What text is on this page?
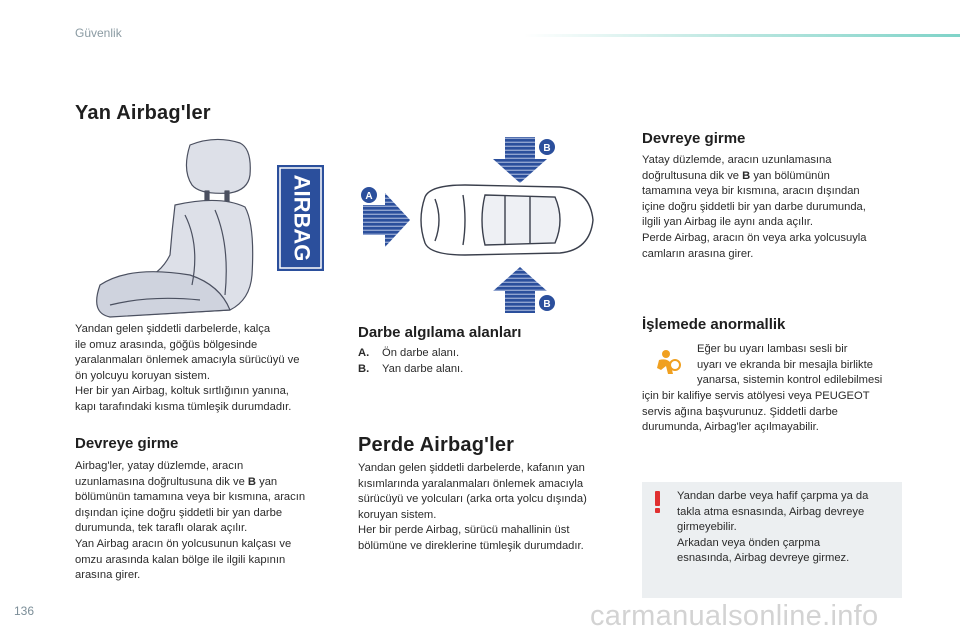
Güvenlik
Yan Airbag'ler
AIRBAG
Yandan gelen şiddetli darbelerde, kalça
ile omuz arasında, göğüs bölgesinde
yaralanmaları önlemek amacıyla sürücüyü ve
ön yolcuyu koruyan sistem.
Her bir yan Airbag, koltuk sırtlığının yanına,
kapı tarafındaki kısma tümleşik durumdadır.
Devreye girme
Airbag'ler, yatay düzlemde, aracın
uzunlamasına doğrultusuna dik ve B yan
bölümünün tamamına veya bir kısmına, aracın
dışından içine doğru şiddetli bir yan darbe
durumunda, tek taraflı olarak açılır.
Yan Airbag aracın ön yolcusunun kalçası ve
omzu arasında kalan bölge ile ilgili kapının
arasına girer.
B
B
A
Darbe algılama alanları
A. Ön darbe alanı.
B. Yan darbe alanı.
Perde Airbag'ler
Yandan gelen şiddetli darbelerde, kafanın yan
kısımlarında yaralanmaları önlemek amacıyla
sürücüyü ve yolcuları (arka orta yolcu dışında)
koruyan sistem.
Her bir perde Airbag, sürücü mahallinin üst
bölümüne ve direklerine tümleşik durumdadır.
Devreye girme
Yatay düzlemde, aracın uzunlamasına
doğrultusuna dik ve B yan bölümünün
tamamına veya bir kısmına, aracın dışından
içine doğru şiddetli bir yan darbe durumunda,
ilgili yan Airbag ile aynı anda açılır.
Perde Airbag, aracın ön veya arka yolcusuyla
camların arasına girer.
İşlemede anormallik
Eğer bu uyarı lambası sesli bir
uyarı ve ekranda bir mesajla birlikte
yanarsa, sistemin kontrol edilebilmesi
için bir kalifiye servis atölyesi veya PEUGEOT
servis ağına başvurunuz. Şiddetli darbe
durumunda, Airbag'ler açılmayabilir.
Yandan darbe veya hafif çarpma ya da
takla atma esnasında, Airbag devreye
girmeyebilir.
Arkadan veya önden çarpma
esnasında, Airbag devreye girmez.
136	carmanualsonline.info
